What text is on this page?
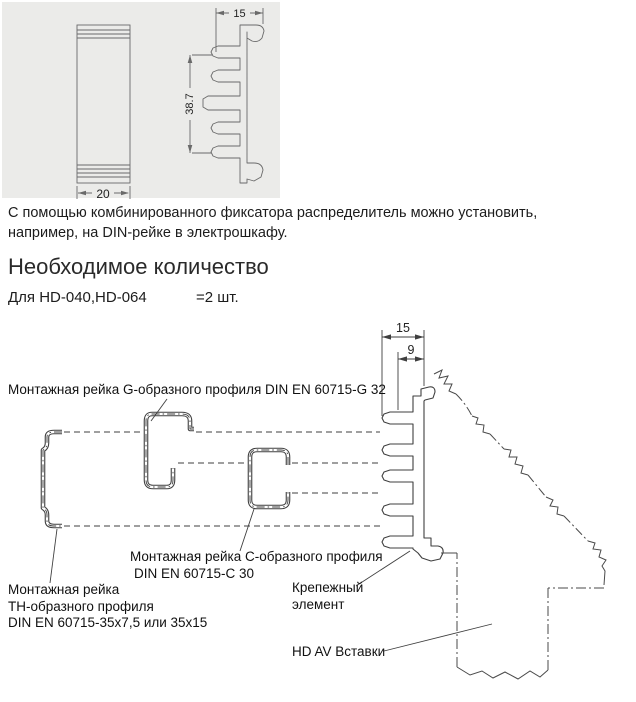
20
15
38.7
15
9
С помощью комбинированного фиксатора распределитель можно установить,
например, на DIN-рейке в электрошкафу.
Необходимое количество
Для HD-040,HD-064	=2 шт.
Монтажная рейка G-образного профиля DIN EN 60715-G 32
Монтажная рейка С-образного профиля
DIN EN 60715-C 30
Монтажная рейка
ТН-образного профиля
DIN EN 60715-35x7,5 или 35x15
Крепежный
элемент
HD AV Вставки
